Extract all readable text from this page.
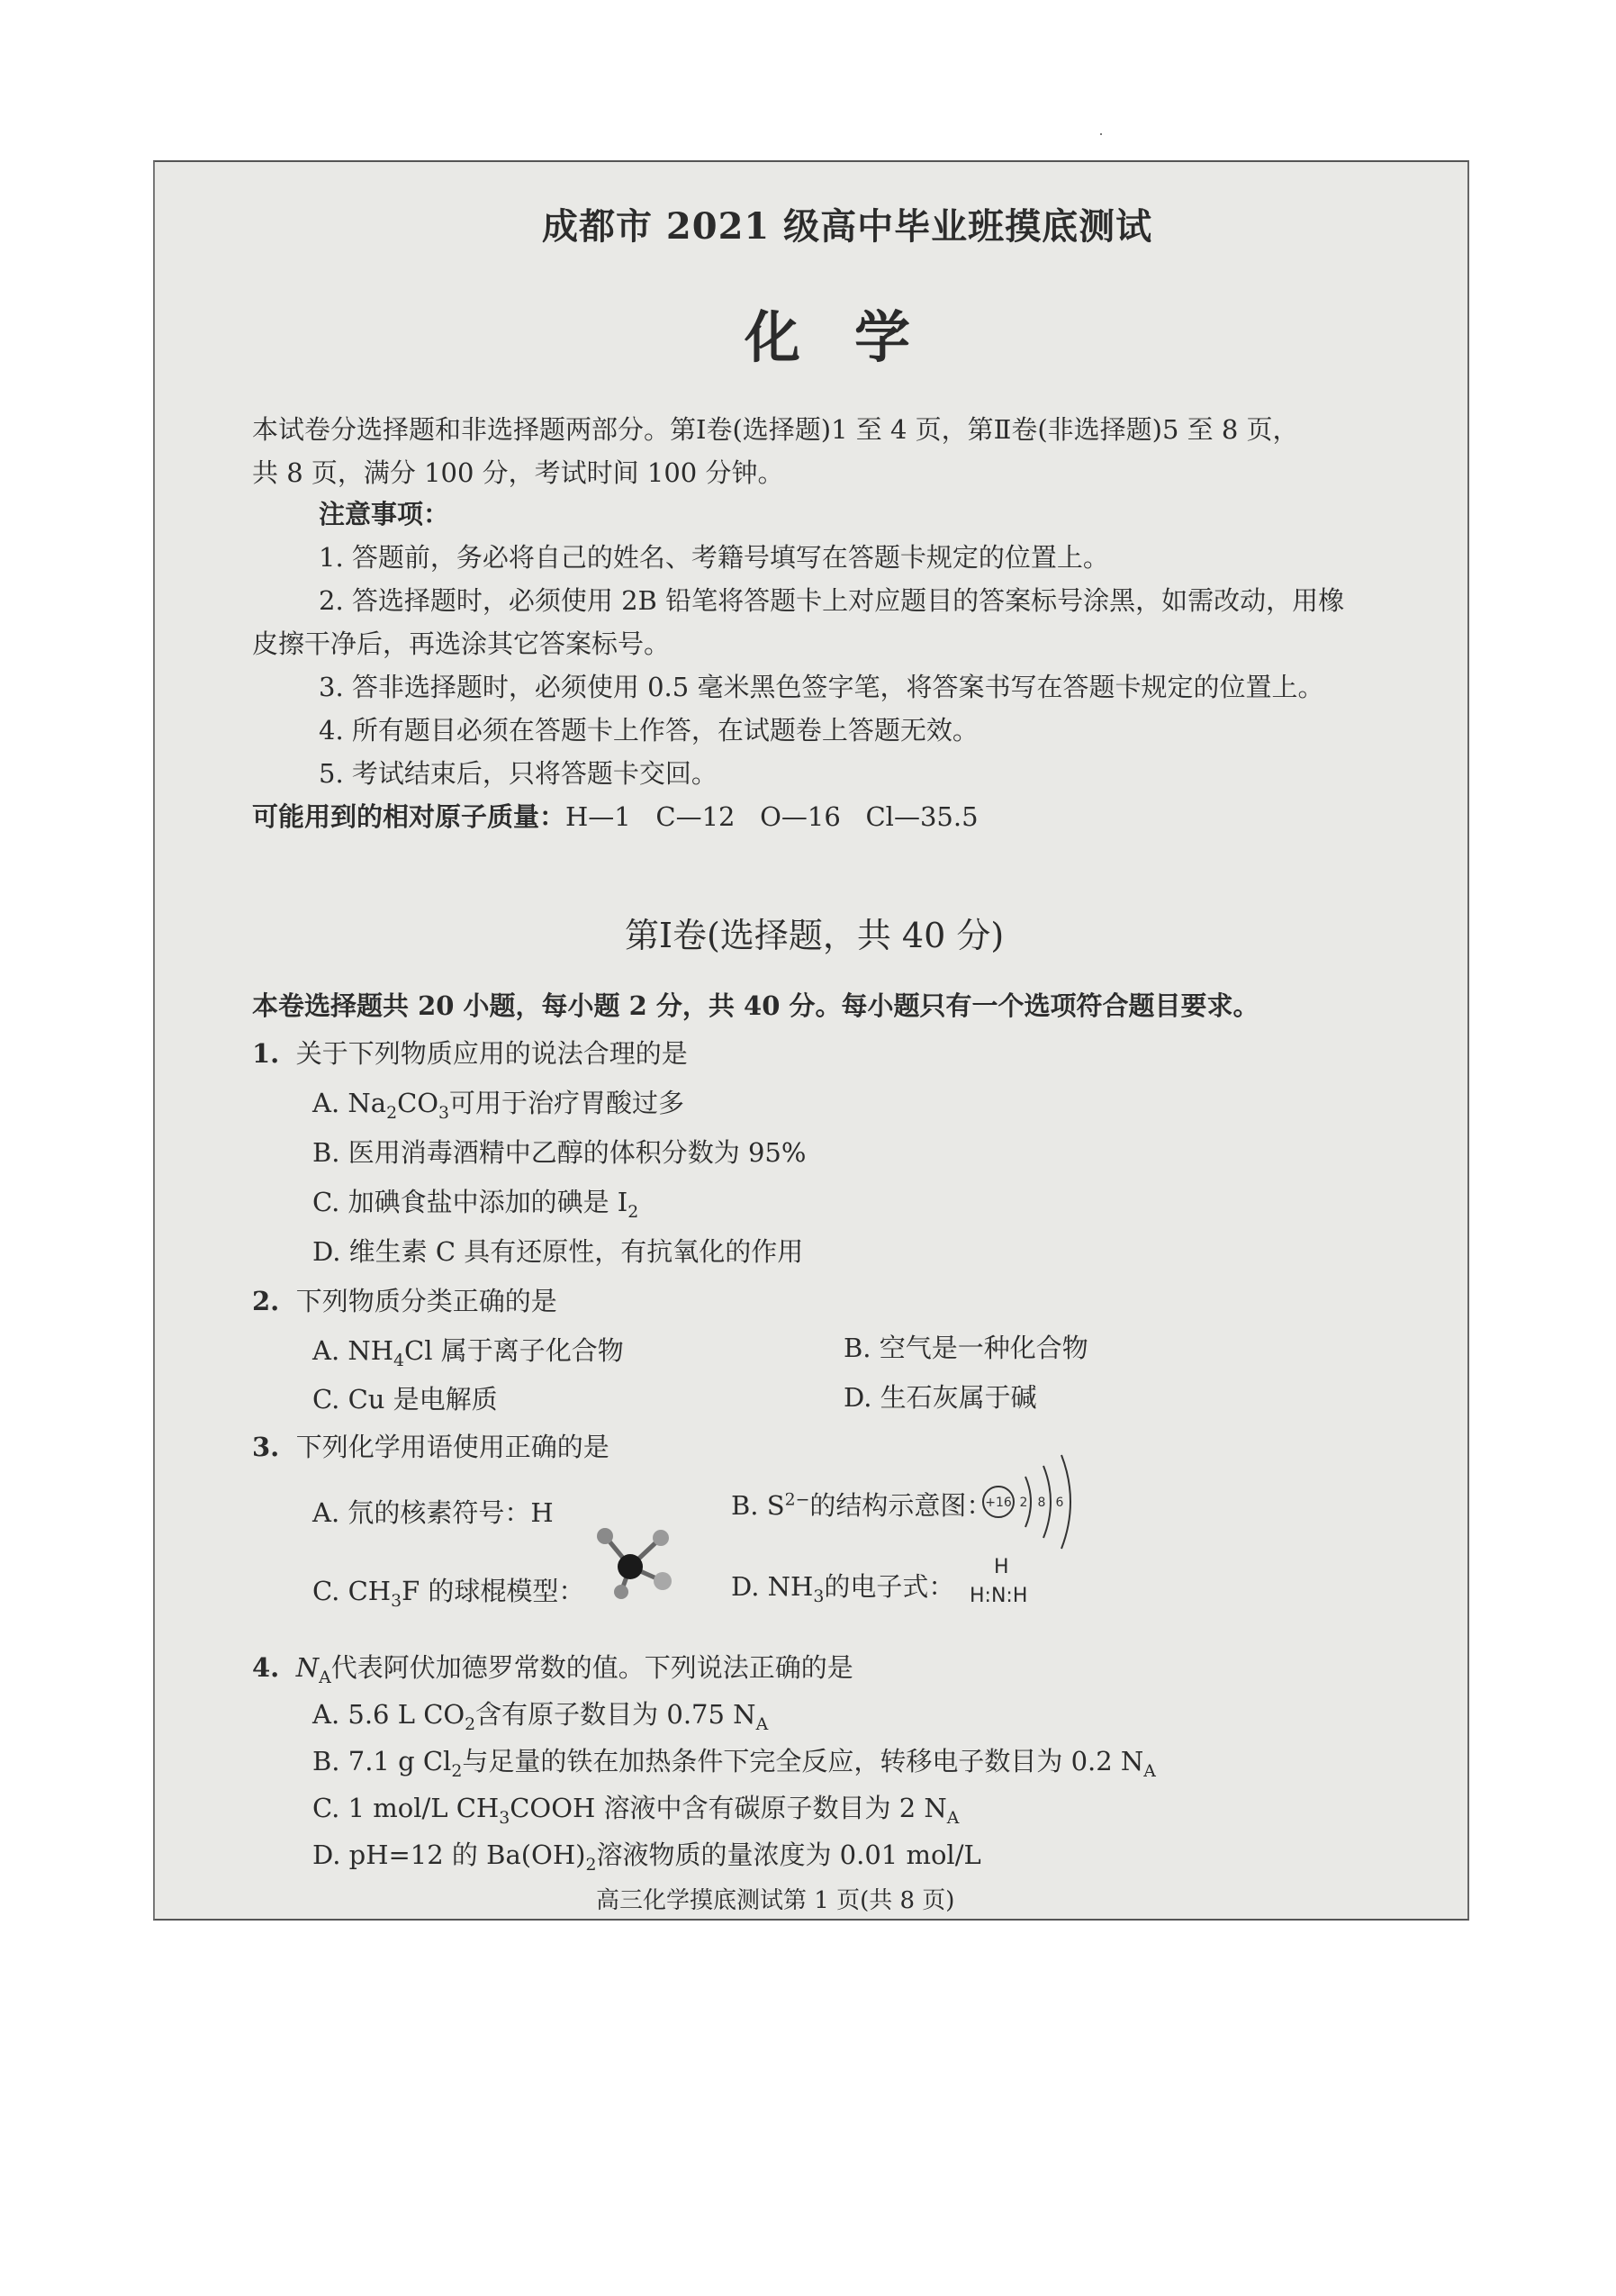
成都市 2021 级高中毕业班摸底测试
化学
本试卷分选择题和非选择题两部分。第Ⅰ卷(选择题)1 至 4 页，第Ⅱ卷(非选择题)5 至 8 页，
共 8 页，满分 100 分，考试时间 100 分钟。
注意事项：
1. 答题前，务必将自己的姓名、考籍号填写在答题卡规定的位置上。
2. 答选择题时，必须使用 2B 铅笔将答题卡上对应题目的答案标号涂黑，如需改动，用橡
皮擦干净后，再选涂其它答案标号。
3. 答非选择题时，必须使用 0.5 毫米黑色签字笔，将答案书写在答题卡规定的位置上。
4. 所有题目必须在答题卡上作答，在试题卷上答题无效。
5. 考试结束后，只将答题卡交回。
可能用到的相对原子质量：H—1   C—12   O—16   Cl—35.5
第Ⅰ卷(选择题，共 40 分)
本卷选择题共 20 小题，每小题 2 分，共 40 分。每小题只有一个选项符合题目要求。
1. 关于下列物质应用的说法合理的是
A. $Na_2CO_3$可用于治疗胃酸过多
B. 医用消毒酒精中乙醇的体积分数为 95%
C. 加碘食盐中添加的碘是 $I_2$
D. 维生素 C 具有还原性，有抗氧化的作用
2. 下列物质分类正确的是
A. $NH_4Cl$ 属于离子化合物	B. 空气是一种化合物
C. Cu 是电解质	D. 生石灰属于碱
3. 下列化学用语使用正确的是
A. 氘的核素符号：H	B. $S^{2-}$的结构示意图：
+16 2 8 6
C. $CH_3F$ 的球棍模型：	D. $NH_3$的电子式：
H
H:N:H
4. $N_A$代表阿伏加德罗常数的值。下列说法正确的是
A. 5.6 L $CO_2$含有原子数目为 0.75 $N_A$
B. 7.1 g $Cl_2$与足量的铁在加热条件下完全反应，转移电子数目为 0.2 $N_A$
C. 1 mol/L $CH_3COOH$ 溶液中含有碳原子数目为 2 $N_A$
D. pH=12 的 $Ba(OH)_2$溶液物质的量浓度为 0.01 mol/L
高三化学摸底测试第 1 页(共 8 页)
